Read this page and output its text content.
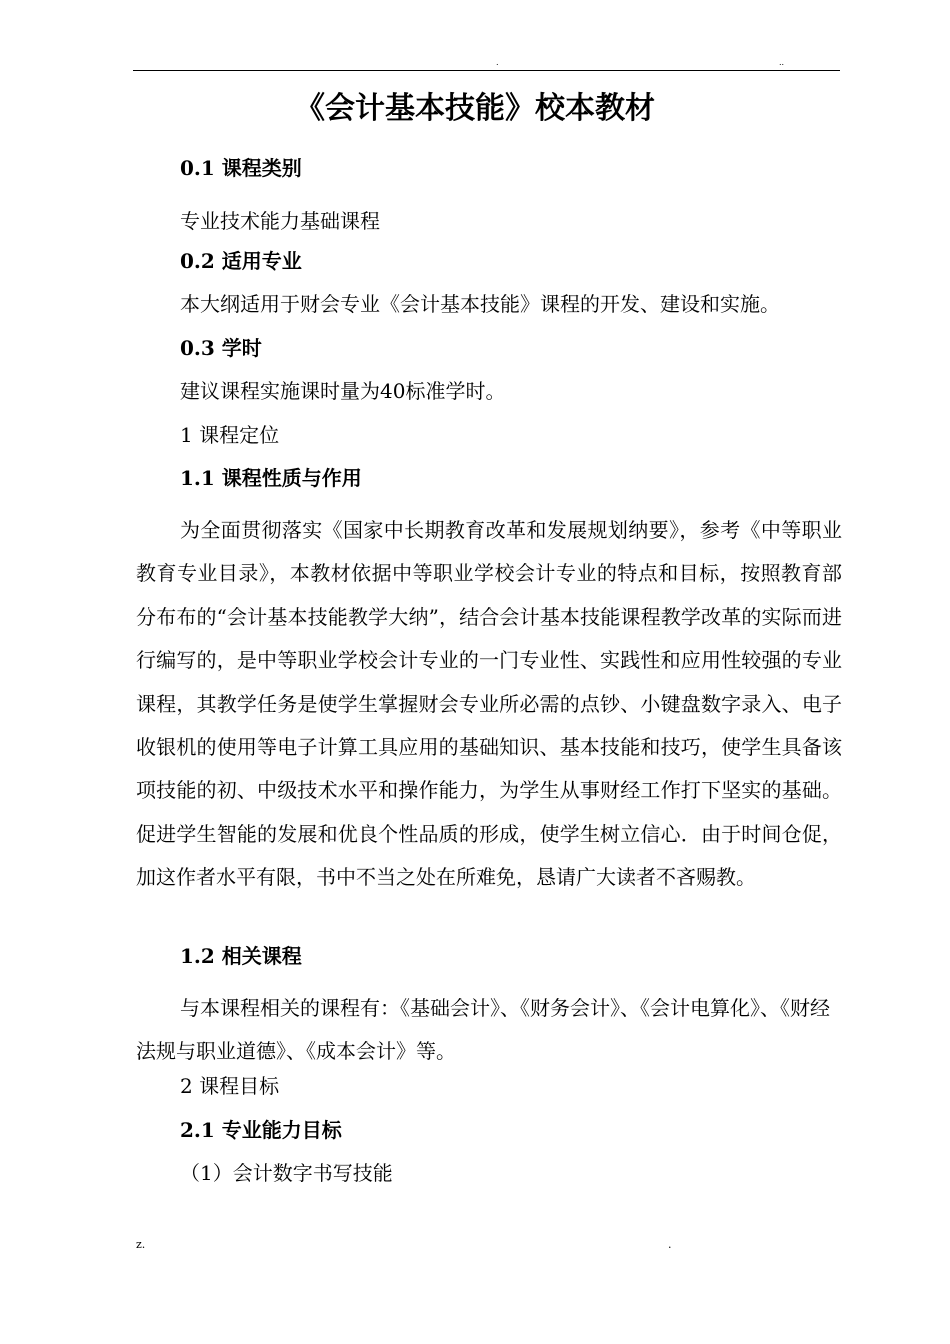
.	..
《会计基本技能》校本教材
0.1 课程类别
专业技术能力基础课程
0.2 适用专业
本大纲适用于财会专业《会计基本技能》课程的开发、建设和实施。
0.3 学时
建议课程实施课时量为40标准学时。
1 课程定位
1.1 课程性质与作用

为全面贯彻落实《国家中长期教育改革和发展规划纳要》，参考《中等职业教育专业目录》，本教材依据中等职业学校会计专业的特点和目标，按照教育部分布布的“会计基本技能教学大纳”，结合会计基本技能课程教学改革的实际而进行编写的，是中等职业学校会计专业的一门专业性、实践性和应用性较强的专业课程，其教学任务是使学生掌握财会专业所必需的点钞、小键盘数字录入、电子收银机的使用等电子计算工具应用的基础知识、基本技能和技巧，使学生具备该项技能的初、中级技术水平和操作能力，为学生从事财经工作打下坚实的基础。促进学生智能的发展和优良个性品质的形成，使学生树立信心．由于时间仓促，加这作者水平有限，书中不当之处在所难免，恳请广大读者不吝赐教。

1.2 相关课程

与本课程相关的课程有：《基础会计》、《财务会计》、《会计电算化》、《财经法规与职业道德》、《成本会计》等。

2 课程目标
2.1 专业能力目标
（1）会计数字书写技能
z.	.
